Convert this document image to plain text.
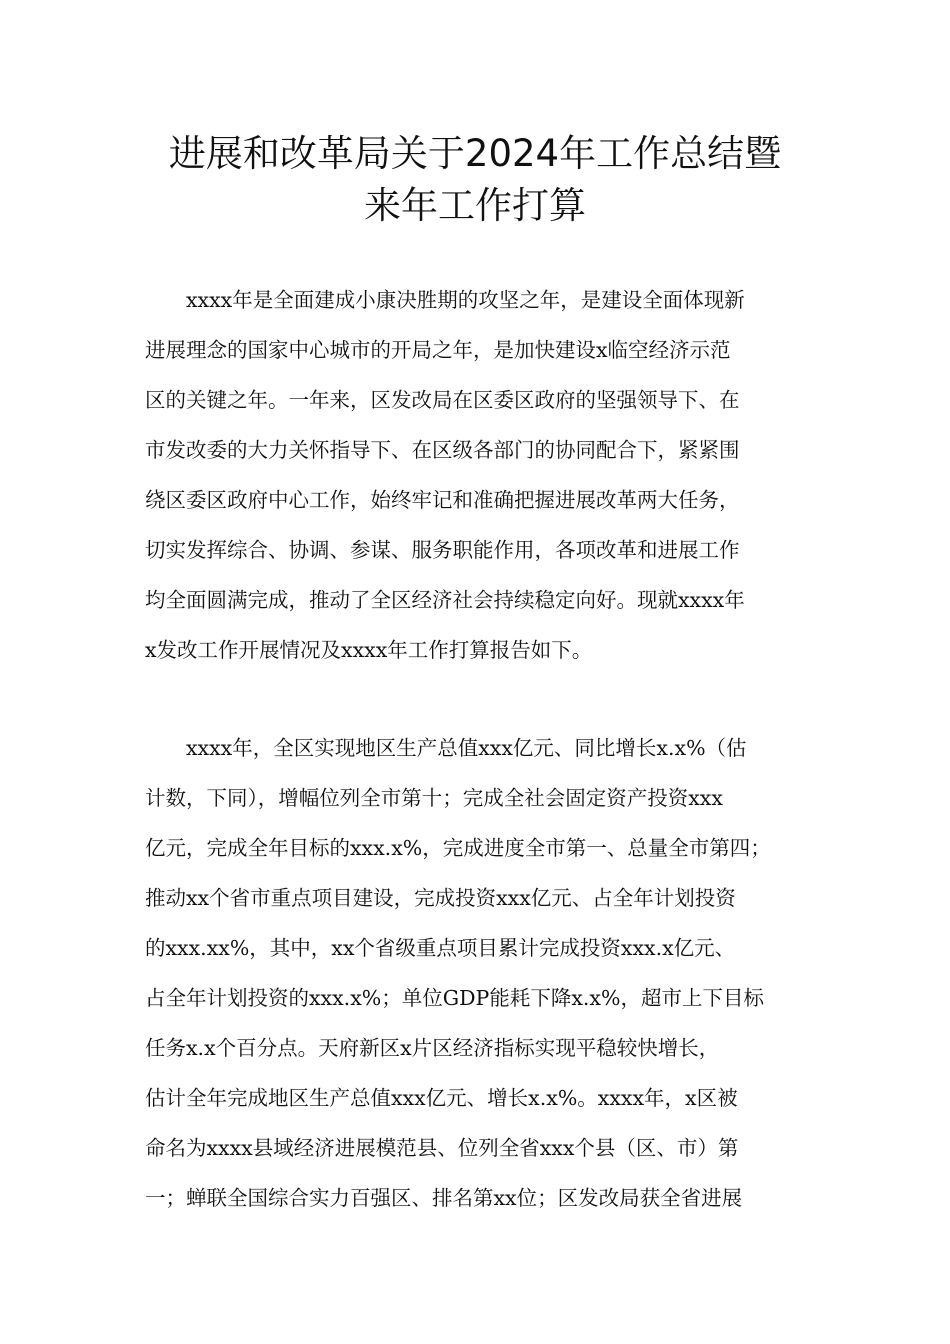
进展和改革局关于2024年工作总结暨
来年工作打算

xxxx年是全面建成小康决胜期的攻坚之年，是建设全面体现新
进展理念的国家中心城市的开局之年，是加快建设x临空经济示范
区的关键之年。一年来，区发改局在区委区政府的坚强领导下、在
市发改委的大力关怀指导下、在区级各部门的协同配合下，紧紧围
绕区委区政府中心工作，始终牢记和准确把握进展改革两大任务，
切实发挥综合、协调、参谋、服务职能作用，各项改革和进展工作
均全面圆满完成，推动了全区经济社会持续稳定向好。现就xxxx年
x发改工作开展情况及xxxx年工作打算报告如下。

xxxx年，全区实现地区生产总值xxx亿元、同比增长x.x%（估
计数，下同），增幅位列全市第十；完成全社会固定资产投资xxx
亿元，完成全年目标的xxx.x%，完成进度全市第一、总量全市第四；
推动xx个省市重点项目建设，完成投资xxx亿元、占全年计划投资
的xxx.xx%，其中，xx个省级重点项目累计完成投资xxx.x亿元、
占全年计划投资的xxx.x%；单位GDP能耗下降x.x%，超市上下目标
任务x.x个百分点。天府新区x片区经济指标实现平稳较快增长，
估计全年完成地区生产总值xxx亿元、增长x.x%。xxxx年，x区被
命名为xxxx县域经济进展模范县、位列全省xxx个县（区、市）第
一；蝉联全国综合实力百强区、排名第xx位；区发改局获全省进展
